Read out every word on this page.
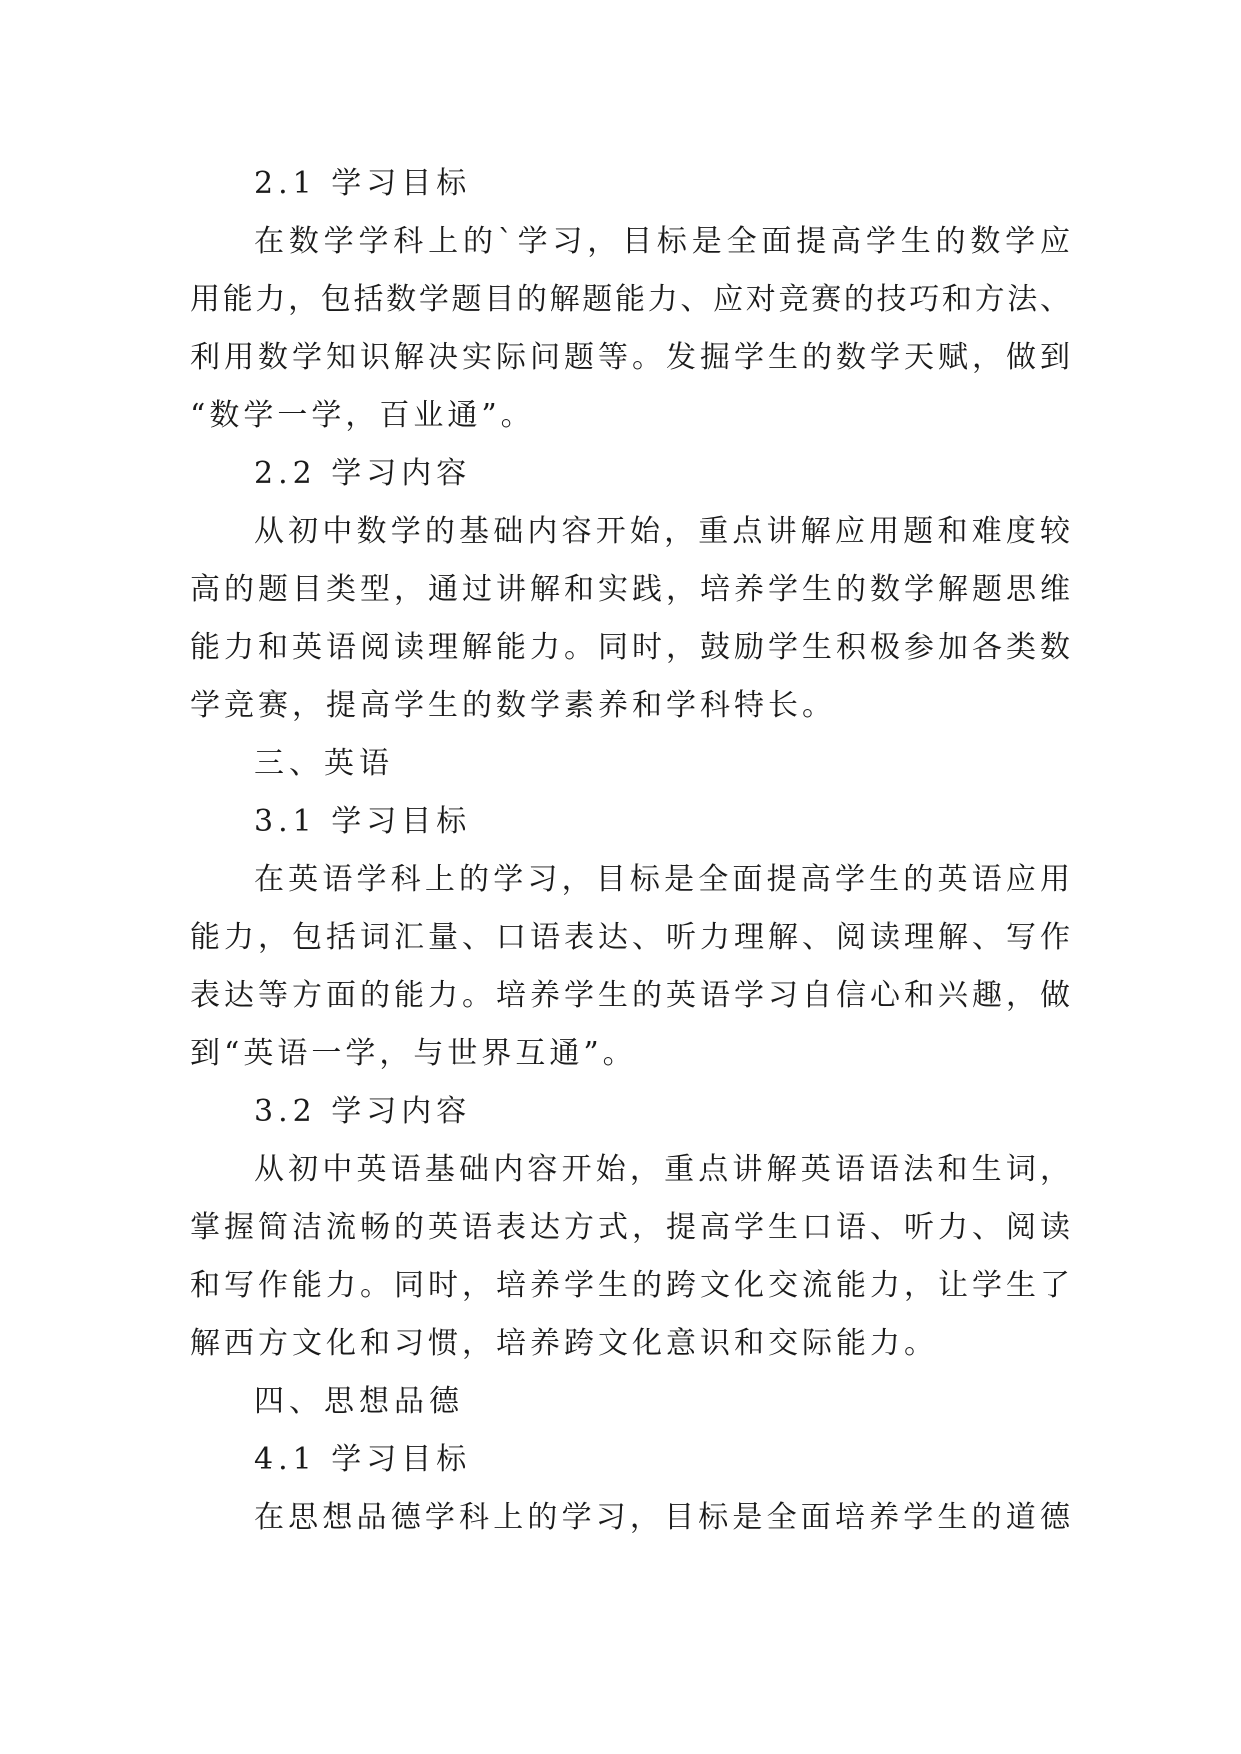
2.1 学习目标
在数学学科上的`学习，目标是全面提高学生的数学应
用能力，包括数学题目的解题能力、应对竞赛的技巧和方法、
利用数学知识解决实际问题等。发掘学生的数学天赋，做到
“数学一学，百业通”。
2.2 学习内容
从初中数学的基础内容开始，重点讲解应用题和难度较
高的题目类型，通过讲解和实践，培养学生的数学解题思维
能力和英语阅读理解能力。同时，鼓励学生积极参加各类数
学竞赛，提高学生的数学素养和学科特长。
三、英语
3.1 学习目标
在英语学科上的学习，目标是全面提高学生的英语应用
能力，包括词汇量、口语表达、听力理解、阅读理解、写作
表达等方面的能力。培养学生的英语学习自信心和兴趣，做
到“英语一学，与世界互通”。
3.2 学习内容
从初中英语基础内容开始，重点讲解英语语法和生词，
掌握简洁流畅的英语表达方式，提高学生口语、听力、阅读
和写作能力。同时，培养学生的跨文化交流能力，让学生了
解西方文化和习惯，培养跨文化意识和交际能力。
四、思想品德
4.1 学习目标
在思想品德学科上的学习，目标是全面培养学生的道德
